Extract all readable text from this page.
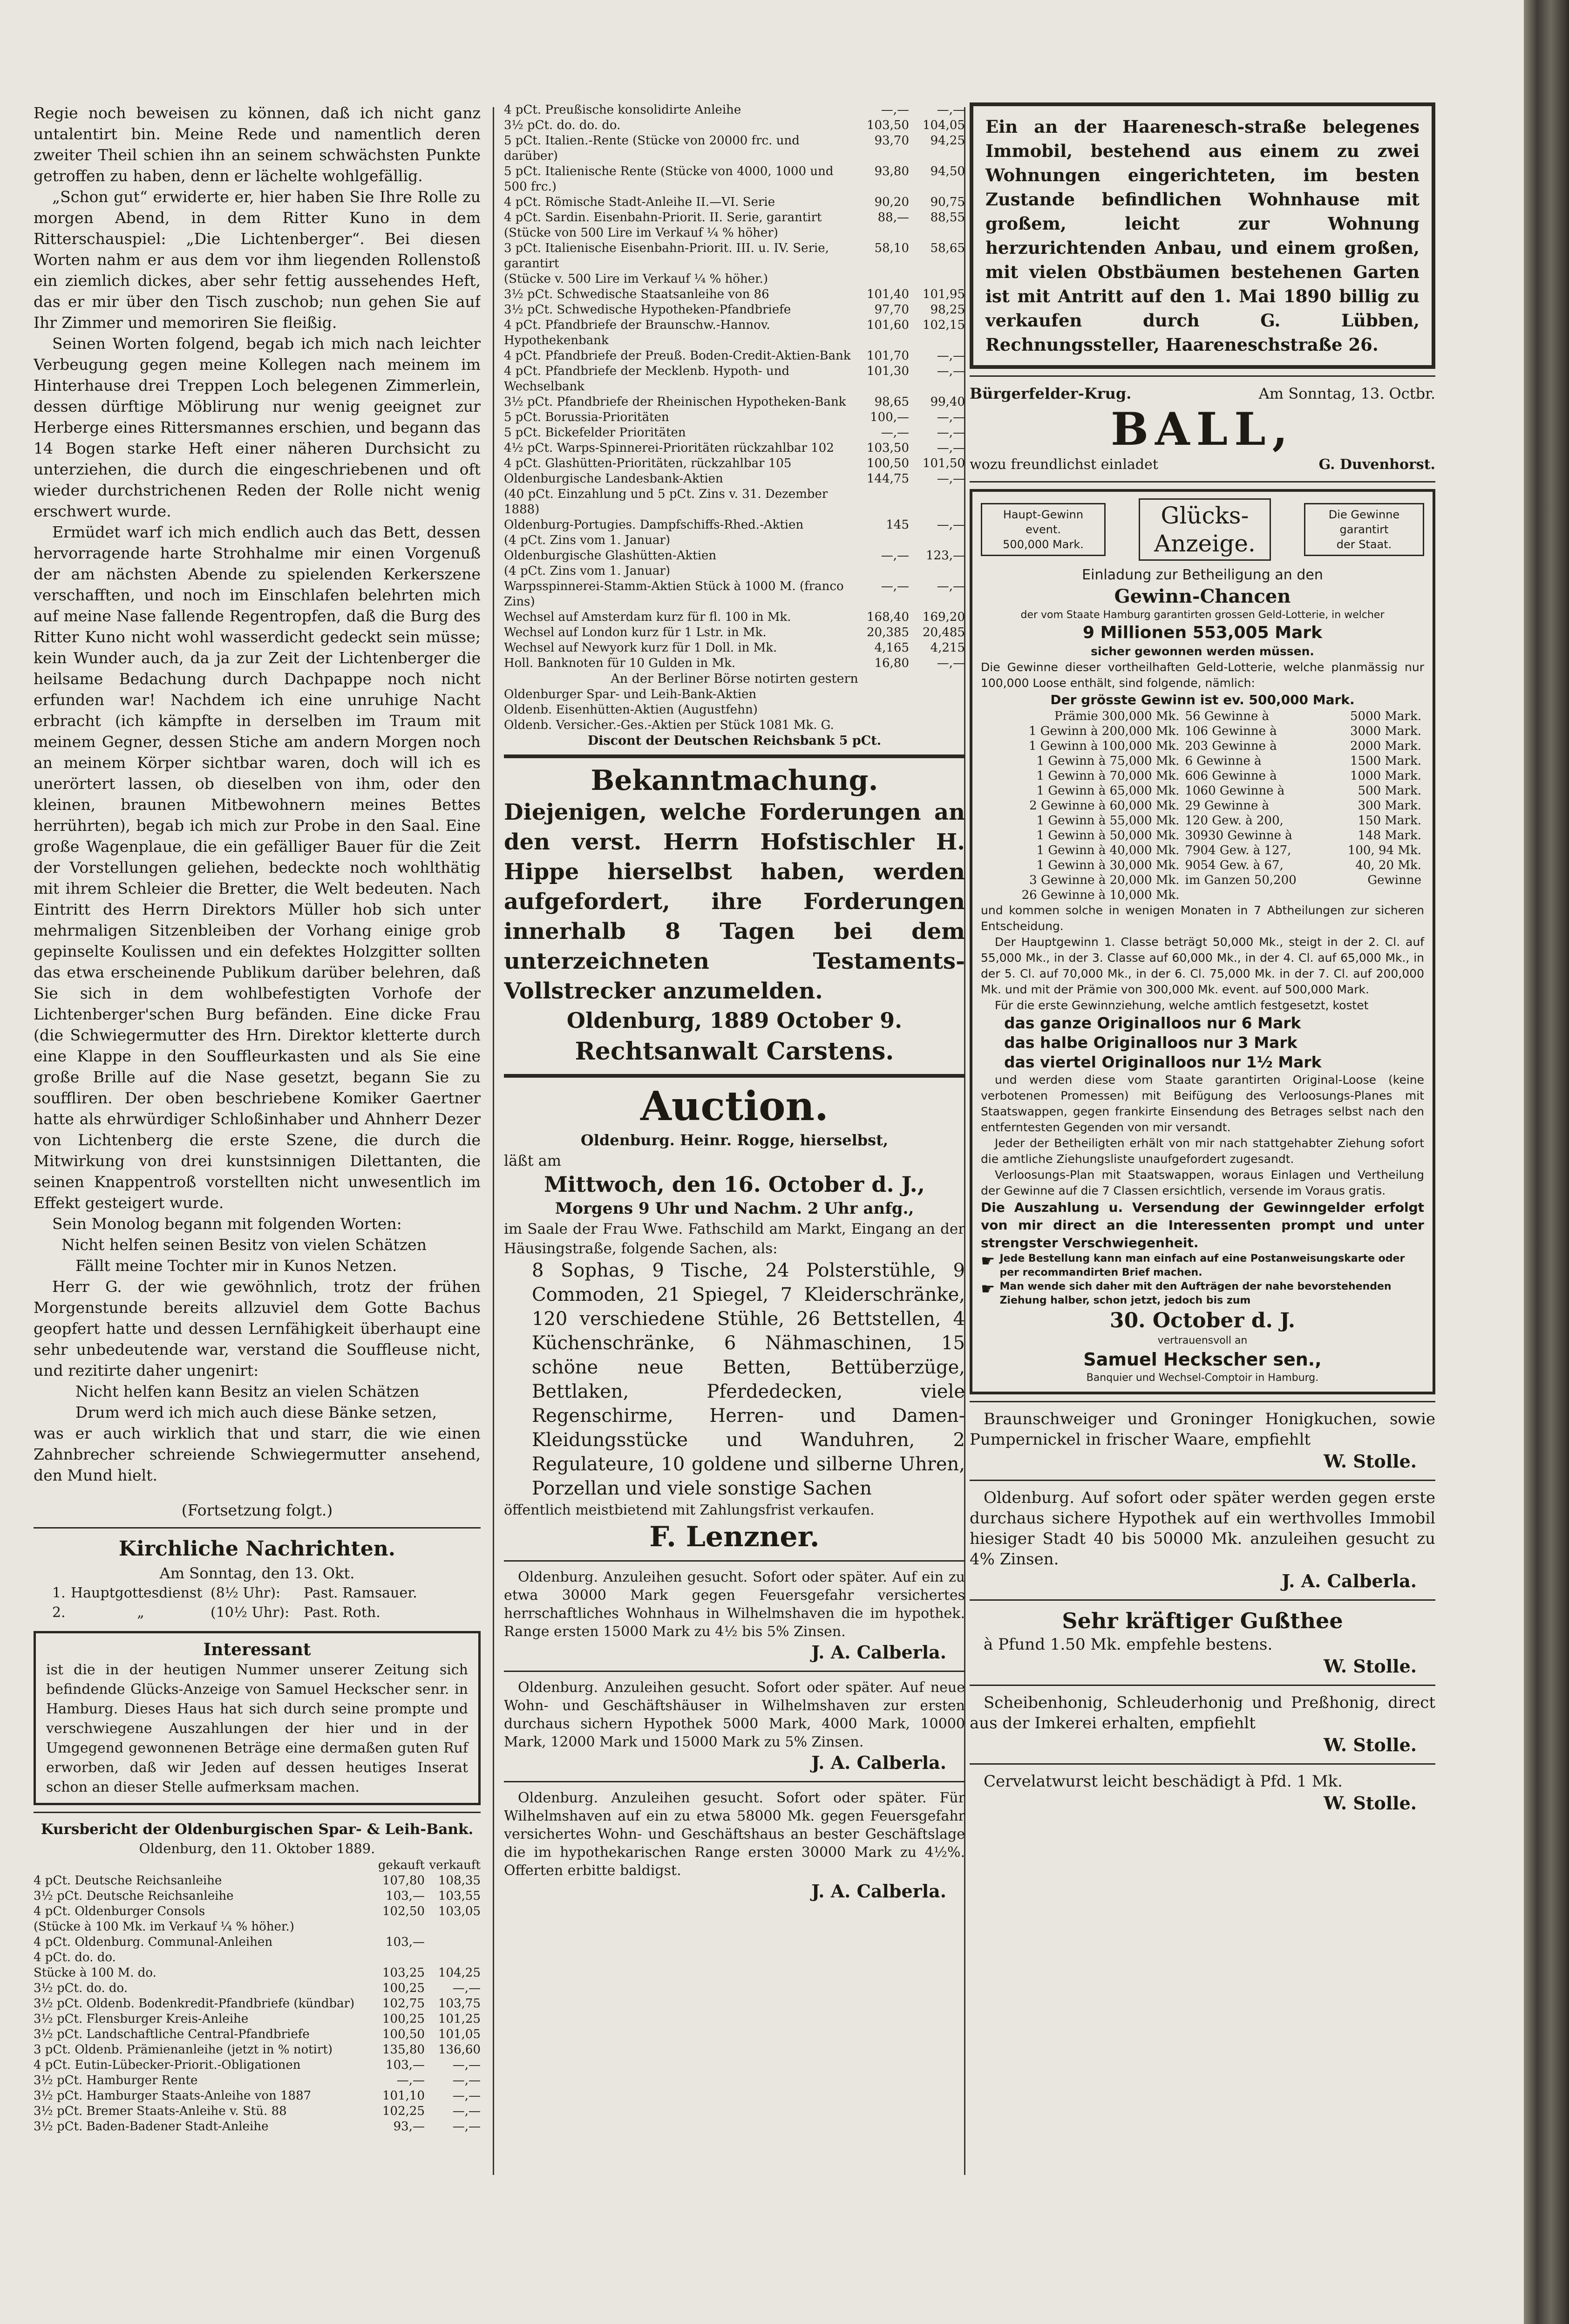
Regie noch beweisen zu können, daß ich nicht ganz untalentirt bin. Meine Rede und namentlich deren zweiter Theil schien ihn an seinem schwächsten Punkte getroffen zu haben, denn er lächelte wohlgefällig.

„Schon gut“ erwiderte er, hier haben Sie Ihre Rolle zu morgen Abend, in dem Ritter Kuno in dem Ritterschauspiel: „Die Lichtenberger“. Bei diesen Worten nahm er aus dem vor ihm liegenden Rollenstoß ein ziemlich dickes, aber sehr fettig aussehendes Heft, das er mir über den Tisch zuschob; nun gehen Sie auf Ihr Zimmer und memoriren Sie fleißig.

Seinen Worten folgend, begab ich mich nach leichter Verbeugung gegen meine Kollegen nach meinem im Hinterhause drei Treppen Loch belegenen Zimmerlein, dessen dürftige Möblirung nur wenig geeignet zur Herberge eines Rittersmannes erschien, und begann das 14 Bogen starke Heft einer näheren Durchsicht zu unterziehen, die durch die eingeschriebenen und oft wieder durchstrichenen Reden der Rolle nicht wenig erschwert wurde.

Ermüdet warf ich mich endlich auch das Bett, dessen hervorragende harte Strohhalme mir einen Vorgenuß der am nächsten Abende zu spielenden Kerkerszene verschafften, und noch im Einschlafen belehrten mich auf meine Nase fallende Regentropfen, daß die Burg des Ritter Kuno nicht wohl wasserdicht gedeckt sein müsse; kein Wunder auch, da ja zur Zeit der Lichtenberger die heilsame Bedachung durch Dachpappe noch nicht erfunden war! Nachdem ich eine unruhige Nacht erbracht (ich kämpfte in derselben im Traum mit meinem Gegner, dessen Stiche am andern Morgen noch an meinem Körper sichtbar waren, doch will ich es unerörtert lassen, ob dieselben von ihm, oder den kleinen, braunen Mitbewohnern meines Bettes herrührten), begab ich mich zur Probe in den Saal. Eine große Wagenplaue, die ein gefälliger Bauer für die Zeit der Vorstellungen geliehen, bedeckte noch wohlthätig mit ihrem Schleier die Bretter, die Welt bedeuten. Nach Eintritt des Herrn Direktors Müller hob sich unter mehrmaligen Sitzenbleiben der Vorhang einige grob gepinselte Koulissen und ein defektes Holzgitter sollten das etwa erscheinende Publikum darüber belehren, daß Sie sich in dem wohlbefestigten Vorhofe der Lichtenberger'schen Burg befänden. Eine dicke Frau (die Schwiegermutter des Hrn. Direktor kletterte durch eine Klappe in den Souffleurkasten und als Sie eine große Brille auf die Nase gesetzt, begann Sie zu souffliren. Der oben beschriebene Komiker Gaertner hatte als ehrwürdiger Schloßinhaber und Ahnherr Dezer von Lichtenberg die erste Szene, die durch die Mitwirkung von drei kunstsinnigen Dilettanten, die seinen Knappentroß vorstellten nicht unwesentlich im Effekt gesteigert wurde.

Sein Monolog begann mit folgenden Worten:

Nicht helfen seinen Besitz von vielen Schätzen

Fällt meine Tochter mir in Kunos Netzen.

Herr G. der wie gewöhnlich, trotz der frühen Morgenstunde bereits allzuviel dem Gotte Bachus geopfert hatte und dessen Lernfähigkeit überhaupt eine sehr unbedeutende war, verstand die Souffleuse nicht, und rezitirte daher ungenirt:

Nicht helfen kann Besitz an vielen Schätzen

Drum werd ich mich auch diese Bänke setzen,

was er auch wirklich that und starr, die wie einen Zahnbrecher schreiende Schwiegermutter ansehend, den Mund hielt.

(Fortsetzung folgt.)

Kirchliche Nachrichten.

Am Sonntag, den 13. Okt.

1. Hauptgottesdienst (8½ Uhr):	Past. Ramsauer.
2.	„	(10½ Uhr):	Past. Roth.

Interessant

ist die in der heutigen Nummer unserer Zeitung sich befindende Glücks-Anzeige von Samuel Heckscher senr. in Hamburg. Dieses Haus hat sich durch seine prompte und verschwiegene Auszahlungen der hier und in der Umgegend gewonnenen Beträge eine dermaßen guten Ruf erworben, daß wir Jeden auf dessen heutiges Inserat schon an dieser Stelle aufmerksam machen.

Kursbericht der Oldenburgischen Spar- & Leih-Bank.

Oldenburg, den 11. Oktober 1889.

gekauft verkauft
4 pCt. Deutsche Reichsanleihe	107,80	108,35
3½ pCt. Deutsche Reichsanleihe	103,—	103,55
4 pCt. Oldenburger Consols	102,50	103,05
(Stücke à 100 Mk. im Verkauf ¼ % höher.)
4 pCt. Oldenburg. Communal-Anleihen	103,—
4 pCt. do. do.
Stücke à 100 M. do.	103,25	104,25
3½ pCt. do. do.	100,25	—,—
3½ pCt. Oldenb. Bodenkredit-Pfandbriefe (kündbar)	102,75	103,75
3½ pCt. Flensburger Kreis-Anleihe	100,25	101,25
3½ pCt. Landschaftliche Central-Pfandbriefe	100,50	101,05
3 pCt. Oldenb. Prämienanleihe (jetzt in % notirt)	135,80	136,60
4 pCt. Eutin-Lübecker-Priorit.-Obligationen	103,—	—,—
3½ pCt. Hamburger Rente	—,—	—,—
3½ pCt. Hamburger Staats-Anleihe von 1887	101,10	—,—
3½ pCt. Bremer Staats-Anleihe v. Stü. 88	102,25	—,—
3½ pCt. Baden-Badener Stadt-Anleihe	93,—	—,—
4 pCt. Preußische konsolidirte Anleihe	—,—	—,—
3½ pCt. do. do. do.	103,50	104,05
5 pCt. Italien.-Rente (Stücke von 20000 frc. und darüber)
93,70	94,25
5 pCt. Italienische Rente (Stücke von 4000, 1000 und 500 frc.)
93,80	94,50
4 pCt. Römische Stadt-Anleihe II.—VI. Serie	90,20	90,75
4 pCt. Sardin. Eisenbahn-Priorit. II. Serie, garantirt	88,—	88,55
(Stücke von 500 Lire im Verkauf ¼ % höher)
3 pCt. Italienische Eisenbahn-Priorit. III. u. IV. Serie, garantirt
58,10	58,65
(Stücke v. 500 Lire im Verkauf ¼ % höher.)
3½ pCt. Schwedische Staatsanleihe von 86	101,40	101,95
3½ pCt. Schwedische Hypotheken-Pfandbriefe	97,70	98,25
4 pCt. Pfandbriefe der Braunschw.-Hannov. Hypothekenbank
101,60	102,15
4 pCt. Pfandbriefe der Preuß. Boden-Credit-Aktien-Bank	101,70	—,—
4 pCt. Pfandbriefe der Mecklenb. Hypoth- und Wechselbank
101,30	—,—
3½ pCt. Pfandbriefe der Rheinischen Hypotheken-Bank	98,65	99,40
5 pCt. Borussia-Prioritäten	100,—	—,—
5 pCt. Bickefelder Prioritäten	—,—	—,—
4½ pCt. Warps-Spinnerei-Prioritäten rückzahlbar 102	103,50	—,—
4 pCt. Glashütten-Prioritäten, rückzahlbar 105	100,50	101,50
Oldenburgische Landesbank-Aktien	144,75	—,—
(40 pCt. Einzahlung und 5 pCt. Zins v. 31. Dezember 1888)
Oldenburg-Portugies. Dampfschiffs-Rhed.-Aktien	145	—,—
(4 pCt. Zins vom 1. Januar)
Oldenburgische Glashütten-Aktien	—,—	123,—
(4 pCt. Zins vom 1. Januar)
Warpsspinnerei-Stamm-Aktien Stück à 1000 M. (franco Zins)
—,—	—,—
Wechsel auf Amsterdam kurz für fl. 100 in Mk.	168,40	169,20
Wechsel auf London kurz für 1 Lstr. in Mk.	20,385	20,485
Wechsel auf Newyork kurz für 1 Doll. in Mk.	4,165	4,215
Holl. Banknoten für 10 Gulden in Mk.	16,80	—,—

An der Berliner Börse notirten gestern

Oldenburger Spar- und Leih-Bank-Aktien
Oldenb. Eisenhütten-Aktien (Augustfehn)
Oldenb. Versicher.-Ges.-Aktien per Stück 1081 Mk. G.

Discont der Deutschen Reichsbank 5 pCt.

Bekanntmachung.

Diejenigen, welche Forderungen an den verst. Herrn Hofstischler H. Hippe hierselbst haben, werden aufgefordert, ihre Forderungen innerhalb 8 Tagen bei dem unterzeichneten Testaments-Vollstrecker anzumelden.

Oldenburg, 1889 October 9.

Rechtsanwalt Carstens.

Auction.

Oldenburg. Heinr. Rogge, hierselbst,

läßt am

Mittwoch, den 16. October d. J.,

Morgens 9 Uhr und Nachm. 2 Uhr anfg.,

im Saale der Frau Wwe. Fathschild am Markt, Eingang an der Häusingstraße, folgende Sachen, als:

8 Sophas, 9 Tische, 24 Polsterstühle, 9 Commoden, 21 Spiegel, 7 Kleiderschränke, 120 verschiedene Stühle, 26 Bettstellen, 4 Küchenschränke, 6 Nähmaschinen, 15 schöne neue Betten, Bettüberzüge, Bettlaken, Pferdedecken, viele Regenschirme, Herren- und Damen-Kleidungsstücke und Wanduhren, 2 Regulateure, 10 goldene und silberne Uhren, Porzellan und viele sonstige Sachen

öffentlich meistbietend mit Zahlungsfrist verkaufen.

F. Lenzner.

Oldenburg. Anzuleihen gesucht. Sofort oder später. Auf ein zu etwa 30000 Mark gegen Feuersgefahr versichertes herrschaftliches Wohnhaus in Wilhelmshaven die im hypothek. Range ersten 15000 Mark zu 4½ bis 5% Zinsen.

J. A. Calberla.

Oldenburg. Anzuleihen gesucht. Sofort oder später. Auf neue Wohn- und Geschäftshäuser in Wilhelmshaven zur ersten durchaus sichern Hypothek 5000 Mark, 4000 Mark, 10000 Mark, 12000 Mark und 15000 Mark zu 5% Zinsen.

J. A. Calberla.

Oldenburg. Anzuleihen gesucht. Sofort oder später. Für Wilhelmshaven auf ein zu etwa 58000 Mk. gegen Feuersgefahr versichertes Wohn- und Geschäftshaus an bester Geschäftslage die im hypothekarischen Range ersten 30000 Mark zu 4½%. Offerten erbitte baldigst.

J. A. Calberla.

Ein an der Haarenesch-straße belegenes Immobil, bestehend aus einem zu zwei Wohnungen eingerichteten, im besten Zustande befindlichen Wohnhause mit großem, leicht zur Wohnung herzurichtenden Anbau, und einem großen, mit vielen Obstbäumen bestehenen Garten ist mit Antritt auf den 1. Mai 1890 billig zu verkaufen durch G. Lübben, Rechnungssteller, Haareneschstraße 26.

Bürgerfelder-Krug.	Am Sonntag, 13. Octbr.

BALL,

wozu freundlichst einladet	G. Duvenhorst.
Haupt-Gewinn
event.
500,000 Mark.
Glücks-
Anzeige.
Die Gewinne
garantirt
der Staat.

Einladung zur Betheiligung an den

Gewinn-Chancen

der vom Staate Hamburg garantirten grossen Geld-Lotterie, in welcher

9 Millionen 553,005 Mark

sicher gewonnen werden müssen.

Die Gewinne dieser vortheilhaften Geld-Lotterie, welche planmässig nur 100,000 Loose enthält, sind folgende, nämlich:

Der grösste Gewinn ist ev. 500,000 Mark.

Prämie 300,000 Mk.	56 Gewinne à	5000 Mark.
1 Gewinn à 200,000 Mk.	106 Gewinne à	3000 Mark.
1 Gewinn à 100,000 Mk.	203 Gewinne à	2000 Mark.
1 Gewinn à 75,000 Mk.	6 Gewinne à	1500 Mark.
1 Gewinn à 70,000 Mk.	606 Gewinne à	1000 Mark.
1 Gewinn à 65,000 Mk.	1060 Gewinne à	500 Mark.
2 Gewinne à 60,000 Mk.	29 Gewinne à	300 Mark.
1 Gewinn à 55,000 Mk.	120 Gew. à 200,	150 Mark.
1 Gewinn à 50,000 Mk.	30930 Gewinne à	148 Mark.
1 Gewinn à 40,000 Mk.	7904 Gew. à 127,	100, 94 Mk.
1 Gewinn à 30,000 Mk.	9054 Gew. à 67,	40, 20 Mk.
3 Gewinne à 20,000 Mk.	im Ganzen 50,200	Gewinne
26 Gewinne à 10,000 Mk.		

und kommen solche in wenigen Monaten in 7 Abtheilungen zur sicheren Entscheidung.

Der Hauptgewinn 1. Classe beträgt 50,000 Mk., steigt in der 2. Cl. auf 55,000 Mk., in der 3. Classe auf 60,000 Mk., in der 4. Cl. auf 65,000 Mk., in der 5. Cl. auf 70,000 Mk., in der 6. Cl. 75,000 Mk. in der 7. Cl. auf 200,000 Mk. und mit der Prämie von 300,000 Mk. event. auf 500,000 Mark.

Für die erste Gewinnziehung, welche amtlich festgesetzt, kostet

das ganze Originalloos nur 6 Mark
das halbe Originalloos nur 3 Mark
das viertel Originalloos nur 1½ Mark

und werden diese vom Staate garantirten Original-Loose (keine verbotenen Promessen) mit Beifügung des Verloosungs-Planes mit Staatswappen, gegen frankirte Einsendung des Betrages selbst nach den entferntesten Gegenden von mir versandt.

Jeder der Betheiligten erhält von mir nach stattgehabter Ziehung sofort die amtliche Ziehungsliste unaufgefordert zugesandt.

Verloosungs-Plan mit Staatswappen, woraus Einlagen und Vertheilung der Gewinne auf die 7 Classen ersichtlich, versende im Voraus gratis.

Die Auszahlung u. Versendung der Gewinngelder erfolgt von mir direct an die Interessenten prompt und unter strengster Verschwiegenheit.

☛ Jede Bestellung kann man einfach auf eine Postanweisungskarte oder per recommandirten Brief machen.

☛ Man wende sich daher mit den Aufträgen der nahe bevorstehenden Ziehung halber, schon jetzt, jedoch bis zum

30. October d. J.

vertrauensvoll an

Samuel Heckscher sen.,

Banquier und Wechsel-Comptoir in Hamburg.

Braunschweiger und Groninger Honigkuchen, sowie Pumpernickel in frischer Waare, empfiehlt

W. Stolle.

Oldenburg. Auf sofort oder später werden gegen erste durchaus sichere Hypothek auf ein werthvolles Immobil hiesiger Stadt 40 bis 50000 Mk. anzuleihen gesucht zu 4% Zinsen.

J. A. Calberla.

Sehr kräftiger Gußthee

à Pfund 1.50 Mk. empfehle bestens.

W. Stolle.

Scheibenhonig, Schleuderhonig und Preßhonig, direct aus der Imkerei erhalten, empfiehlt

W. Stolle.

Cervelatwurst leicht beschädigt à Pfd. 1 Mk.

W. Stolle.
